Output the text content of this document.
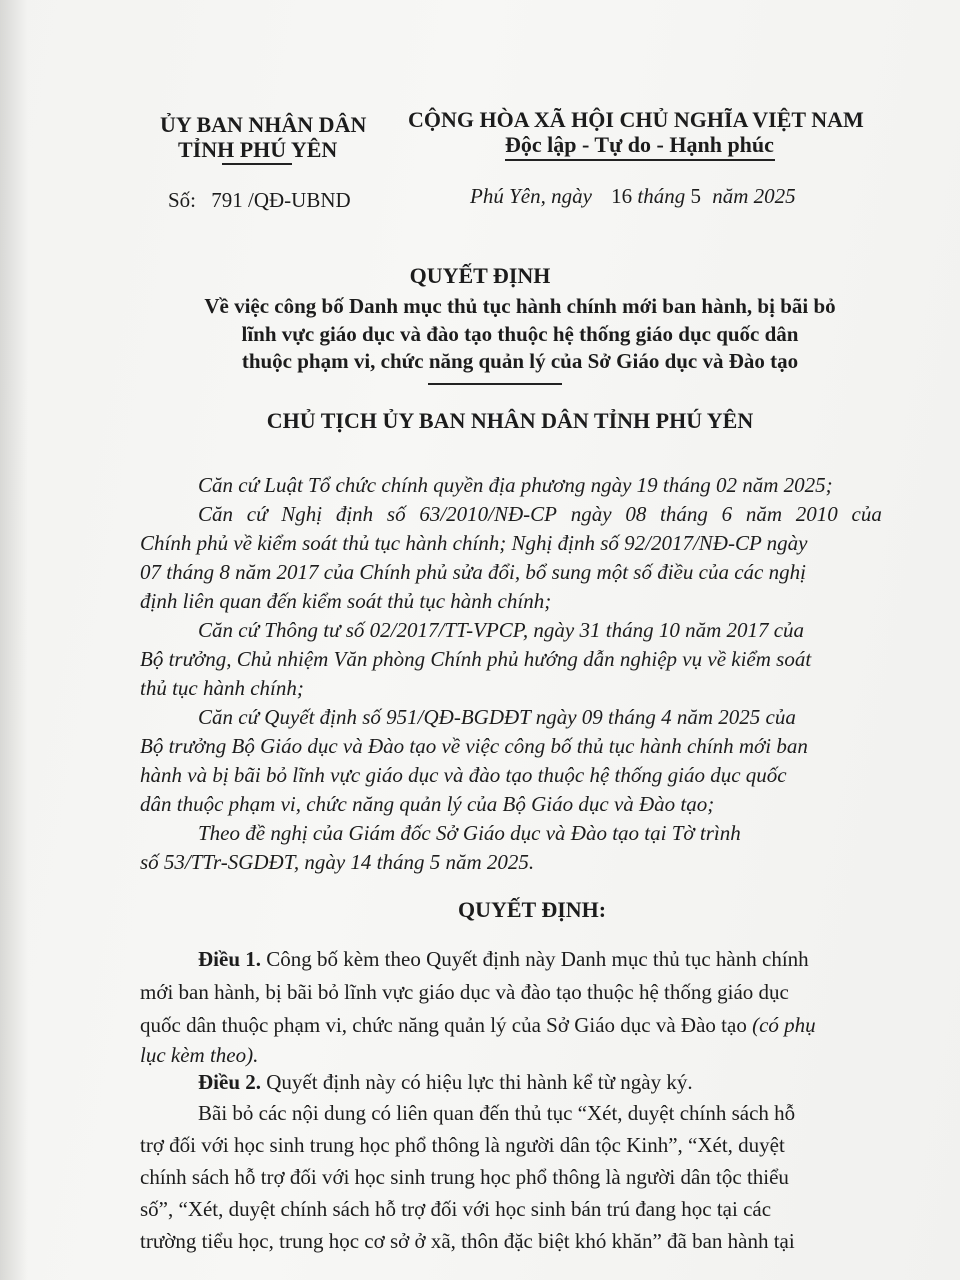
ỦY BAN NHÂN DÂN
TỈNH PHÚ YÊN
CỘNG HÒA XÃ HỘI CHỦ NGHĨA VIỆT NAM
Độc lập - Tự do - Hạnh phúc
Số: 791 /QĐ-UBND	Phú Yên, ngày 16 tháng 5 năm 2025
QUYẾT ĐỊNH
Về việc công bố Danh mục thủ tục hành chính mới ban hành, bị bãi bỏ
lĩnh vực giáo dục và đào tạo thuộc hệ thống giáo dục quốc dân
thuộc phạm vi, chức năng quản lý của Sở Giáo dục và Đào tạo
CHỦ TỊCH ỦY BAN NHÂN DÂN TỈNH PHÚ YÊN
Căn cứ Luật Tổ chức chính quyền địa phương ngày 19 tháng 02 năm 2025;
Căn cứ Nghị định số 63/2010/NĐ-CP ngày 08 tháng 6 năm 2010 của
Chính phủ về kiểm soát thủ tục hành chính; Nghị định số 92/2017/NĐ-CP ngày
07 tháng 8 năm 2017 của Chính phủ sửa đổi, bổ sung một số điều của các nghị
định liên quan đến kiểm soát thủ tục hành chính;
Căn cứ Thông tư số 02/2017/TT-VPCP, ngày 31 tháng 10 năm 2017 của
Bộ trưởng, Chủ nhiệm Văn phòng Chính phủ hướng dẫn nghiệp vụ về kiểm soát
thủ tục hành chính;
Căn cứ Quyết định số 951/QĐ-BGDĐT ngày 09 tháng 4 năm 2025 của
Bộ trưởng Bộ Giáo dục và Đào tạo về việc công bố thủ tục hành chính mới ban
hành và bị bãi bỏ lĩnh vực giáo dục và đào tạo thuộc hệ thống giáo dục quốc
dân thuộc phạm vi, chức năng quản lý của Bộ Giáo dục và Đào tạo;
Theo đề nghị của Giám đốc Sở Giáo dục và Đào tạo tại Tờ trình
số 53/TTr-SGDĐT, ngày 14 tháng 5 năm 2025.
QUYẾT ĐỊNH:
Điều 1. Công bố kèm theo Quyết định này Danh mục thủ tục hành chính
mới ban hành, bị bãi bỏ lĩnh vực giáo dục và đào tạo thuộc hệ thống giáo dục
quốc dân thuộc phạm vi, chức năng quản lý của Sở Giáo dục và Đào tạo (có phụ
lục kèm theo).
Điều 2. Quyết định này có hiệu lực thi hành kể từ ngày ký.
Bãi bỏ các nội dung có liên quan đến thủ tục “Xét, duyệt chính sách hỗ
trợ đối với học sinh trung học phổ thông là người dân tộc Kinh”, “Xét, duyệt
chính sách hỗ trợ đối với học sinh trung học phổ thông là người dân tộc thiểu
số”, “Xét, duyệt chính sách hỗ trợ đối với học sinh bán trú đang học tại các
trường tiểu học, trung học cơ sở ở xã, thôn đặc biệt khó khăn” đã ban hành tại
